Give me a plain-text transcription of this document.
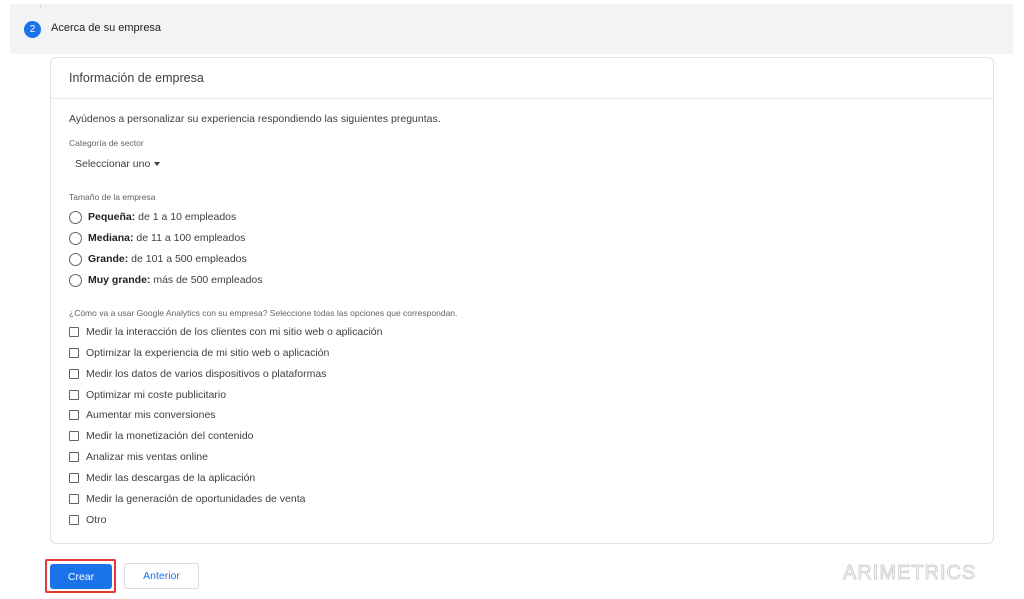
2	Acerca de su empresa
Información de empresa
Ayúdenos a personalizar su experiencia respondiendo las siguientes preguntas.
Categoría de sector
Seleccionar uno
Tamaño de la empresa
Pequeña: de 1 a 10 empleados
Mediana: de 11 a 100 empleados
Grande: de 101 a 500 empleados
Muy grande: más de 500 empleados
¿Cómo va a usar Google Analytics con su empresa? Seleccione todas las opciones que correspondan.
Medir la interacción de los clientes con mi sitio web o aplicación
Optimizar la experiencia de mi sitio web o aplicación
Medir los datos de varios dispositivos o plataformas
Optimizar mi coste publicitario
Aumentar mis conversiones
Medir la monetización del contenido
Analizar mis ventas online
Medir las descargas de la aplicación
Medir la generación de oportunidades de venta
Otro
Crear	Anterior	ARIMETRICS
